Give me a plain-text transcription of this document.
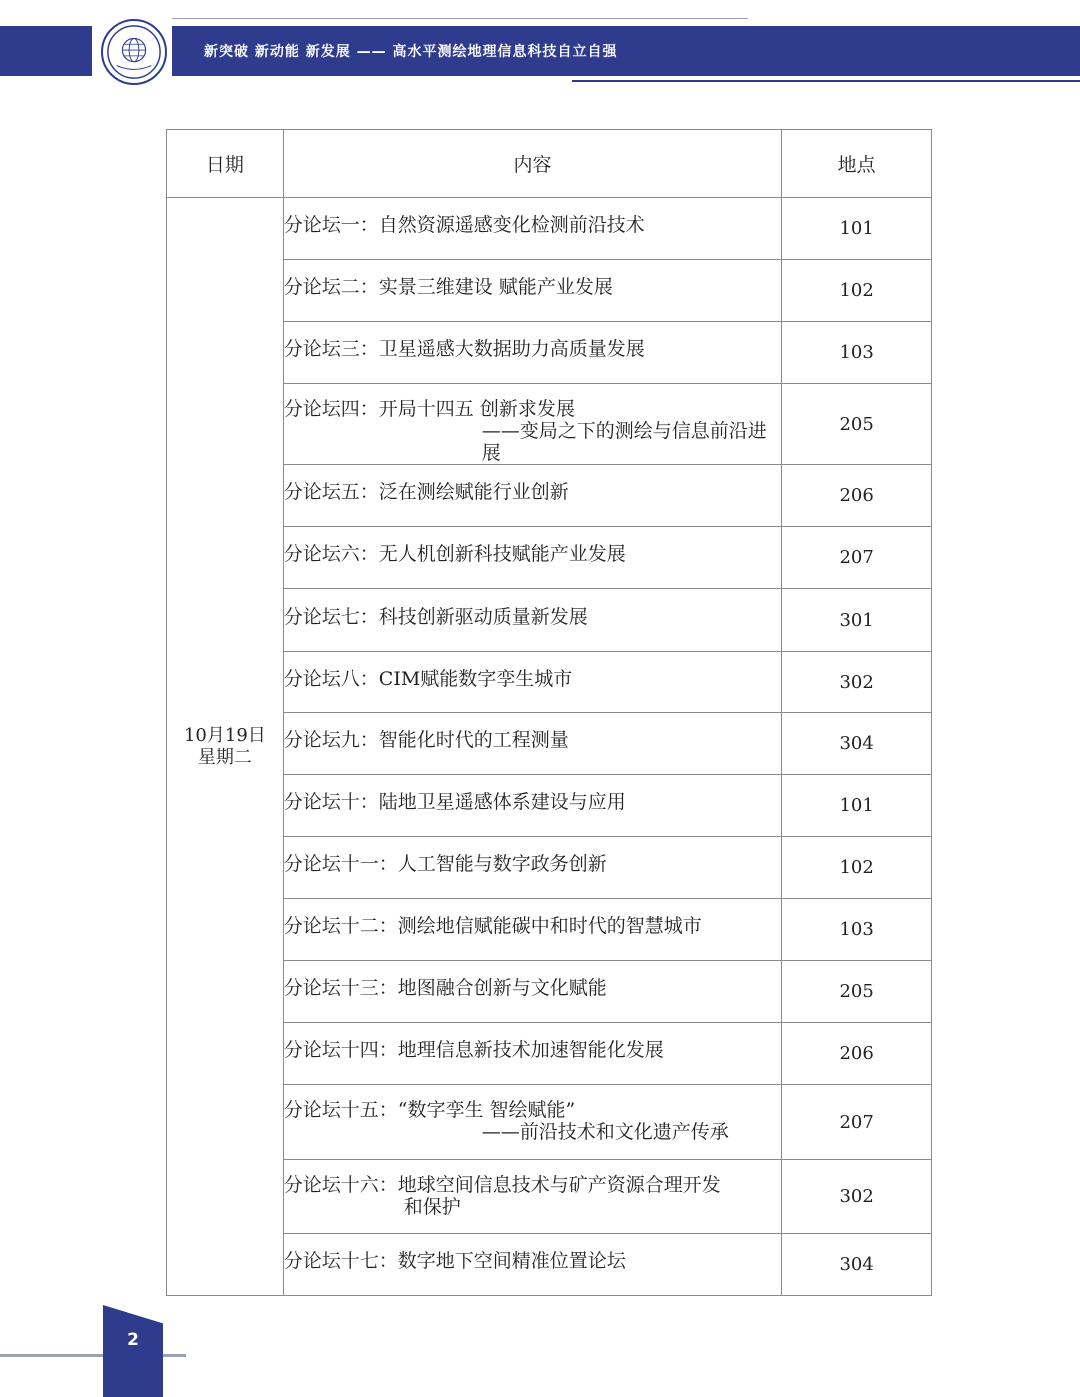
新突破 新动能 新发展 —— 高水平测绘地理信息科技自立自强
日期	内容	地点

10月19日
星期二	分论坛一：自然资源遥感变化检测前沿技术	101

	分论坛二：实景三维建设 赋能产业发展	102

	分论坛三：卫星遥感大数据助力高质量发展	103

	分论坛四：开局十四五 创新求发展
——变局之下的测绘与信息前沿进展	205

	分论坛五：泛在测绘赋能行业创新	206

	分论坛六：无人机创新科技赋能产业发展	207

	分论坛七：科技创新驱动质量新发展	301

	分论坛八：CIM赋能数字孪生城市	302

	分论坛九：智能化时代的工程测量	304

	分论坛十：陆地卫星遥感体系建设与应用	101

	分论坛十一：人工智能与数字政务创新	102

	分论坛十二：测绘地信赋能碳中和时代的智慧城市	103

	分论坛十三：地图融合创新与文化赋能	205

	分论坛十四：地理信息新技术加速智能化发展	206

	分论坛十五：“数字孪生 智绘赋能”
——前沿技术和文化遗产传承	207

	分论坛十六：地球空间信息技术与矿产资源合理开发
和保护	302

	分论坛十七：数字地下空间精准位置论坛	304
2
